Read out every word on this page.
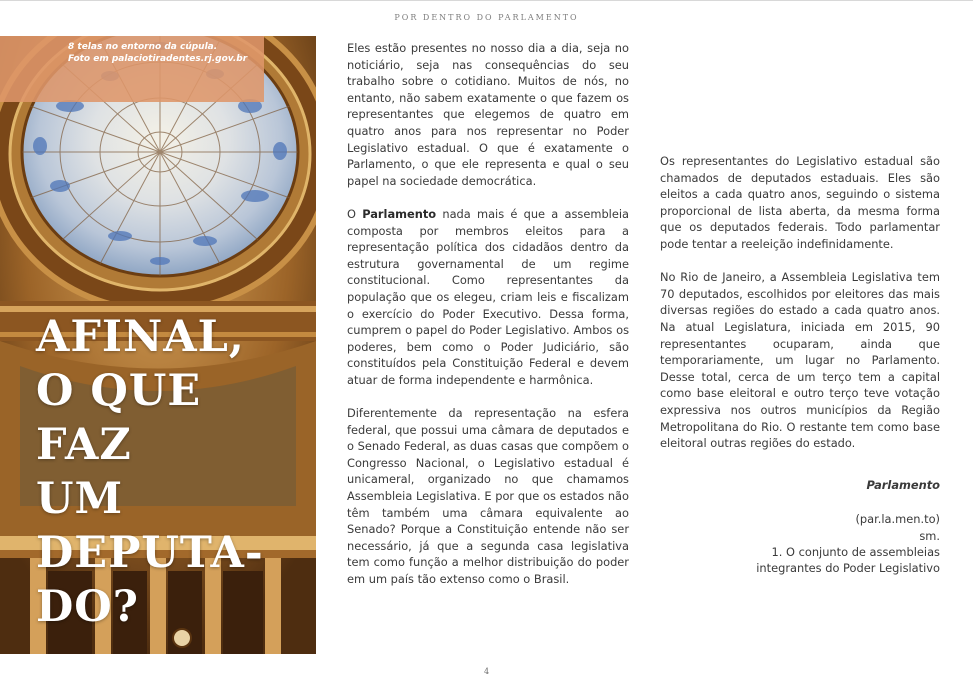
POR DENTRO DO PARLAMENTO
8 telas no entorno da cúpula.
Foto em palaciotiradentes.rj.gov.br
AFINAL,
O QUE
FAZ
UM
DEPUTA-
DO?

Eles estão presentes no nosso dia a dia, seja no noticiário, seja nas consequências do seu trabalho sobre o cotidiano. Muitos de nós, no entanto, não sabem exatamente o que fazem os representantes que elegemos de quatro em quatro anos para nos representar no Poder Legislativo estadual. O que é exatamente o Parlamento, o que ele representa e qual o seu papel na sociedade democrática.

O Parlamento nada mais é que a assembleia composta por membros eleitos para a representação política dos cidadãos dentro da estrutura governamental de um regime constitucional. Como representantes da população que os elegeu, criam leis e fiscalizam o exercício do Poder Executivo. Dessa forma, cumprem o papel do Poder Legislativo. Ambos os poderes, bem como o Poder Judiciário, são constituídos pela Constituição Federal e devem atuar de forma independente e harmônica.

Diferentemente da representação na esfera federal, que possui uma câmara de deputados e o Senado Federal, as duas casas que compõem o Congresso Nacional, o Legislativo estadual é unicameral, organizado no que chamamos Assembleia Legislativa. E por que os estados não têm também uma câmara equivalente ao Senado? Porque a Constituição entende não ser necessário, já que a segunda casa legislativa tem como função a melhor distribuição do poder em um país tão extenso como o Brasil.

Os representantes do Legislativo estadual são chamados de deputados estaduais. Eles são eleitos a cada quatro anos, seguindo o sistema proporcional de lista aberta, da mesma forma que os deputados federais. Todo parlamentar pode tentar a reeleição indefinidamente.

No Rio de Janeiro, a Assembleia Legislativa tem 70 deputados, escolhidos por eleitores das mais diversas regiões do estado a cada quatro anos. Na atual Legislatura, iniciada em 2015, 90 representantes ocuparam, ainda que temporariamente, um lugar no Parlamento. Desse total, cerca de um terço tem a capital como base eleitoral e outro terço teve votação expressiva nos outros municípios da Região Metropolitana do Rio. O restante tem como base eleitoral outras regiões do estado.

Parlamento
(par.la.men.to)
sm.
1. O conjunto de assembleias
integrantes do Poder Legislativo
4
